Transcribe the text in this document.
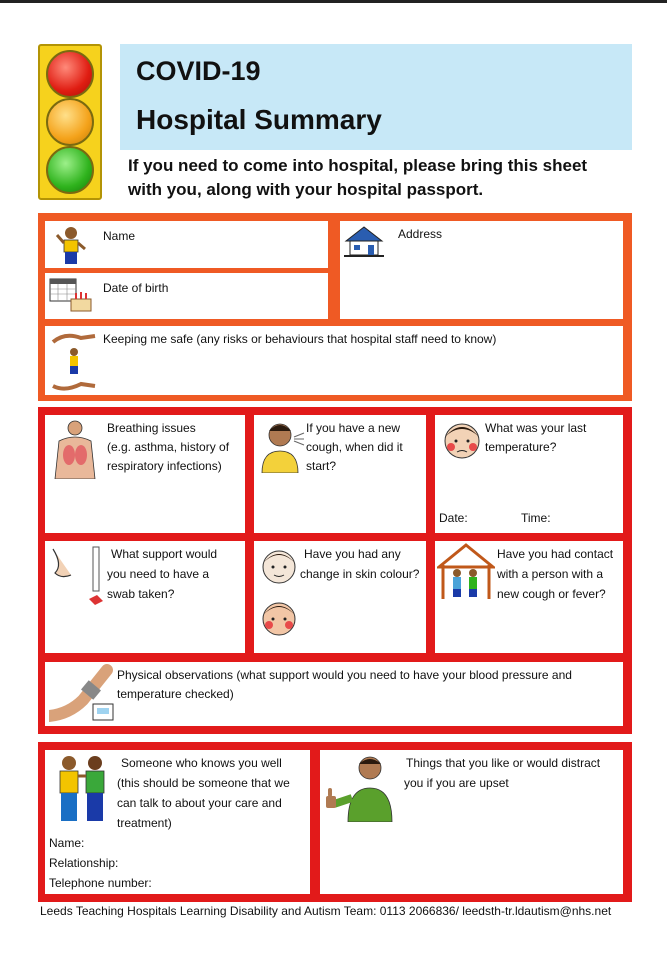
COVID-19
Hospital Summary
If you need to come into hospital, please bring this sheet
with you, along with your hospital passport.
Name	Address
Date of birth
Keeping me safe (any risks or behaviours that hospital staff need to know)
Breathing issues
(e.g. asthma, history of
respiratory infections)
If you have a new
cough, when did it
start?
What was your last
temperature?
Date:	Time:
What support would
you need to have a
swab taken?
Have you had any
change in skin colour?
Have you had contact
with a person with a
new cough or fever?
Physical observations (what support would you need to have your blood pressure and
temperature checked)
Someone who knows you well
(this should be someone that we
can talk to about your care and
treatment)
Name:
Relationship:
Telephone number:
Things that you like or would distract
you if you are upset
Leeds Teaching Hospitals Learning Disability and Autism Team: 0113 2066836/ leedsth-tr.ldautism@nhs.net
